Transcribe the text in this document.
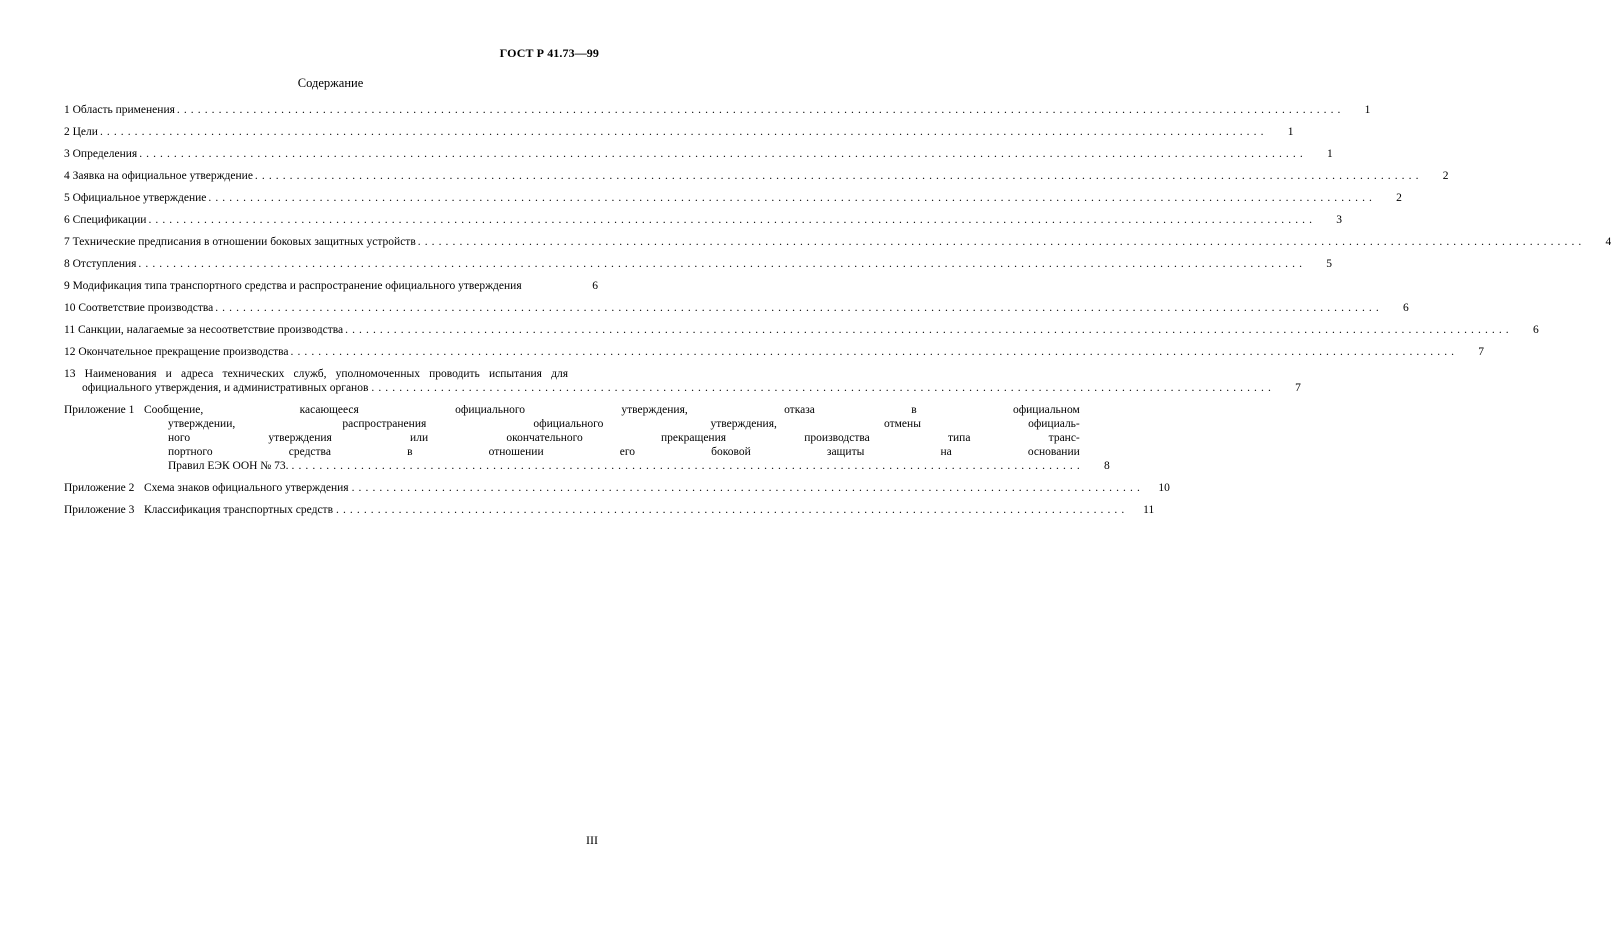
ГОСТ Р 41.73—99
Содержание
1 Область применения . . .	1
2 Цели . . .	1
3 Определения . . .	1
4 Заявка на официальное утверждение . . .	2
5 Официальное утверждение . . .	2
6 Спецификации . . .	3
7 Технические предписания в отношении боковых защитных устройств . . .	4
8 Отступления . . .	5
9 Модификация типа транспортного средства и распространение официального утверждения	6
10 Соответствие производства . . .	6
11 Санкции, налагаемые за несоответствие производства . . .	6
12 Окончательное прекращение производства . . .	7
13 Наименования и адреса технических служб, уполномоченных проводить испытания для
официального утверждения, и административных органов . . .	7
Приложение 1 Сообщение, касающееся официального утверждения, отказа в официальном
утверждении, распространения официального утверждения, отмены официаль-
ного утверждения или окончательного прекращения производства типа транс-
портного средства в отношении его боковой защиты на основании
Правил ЕЭК ООН № 73. . . .	8
Приложение 2 Схема знаков официального утверждения . . .	10
Приложение 3 Классификация транспортных средств . . .	11
III
